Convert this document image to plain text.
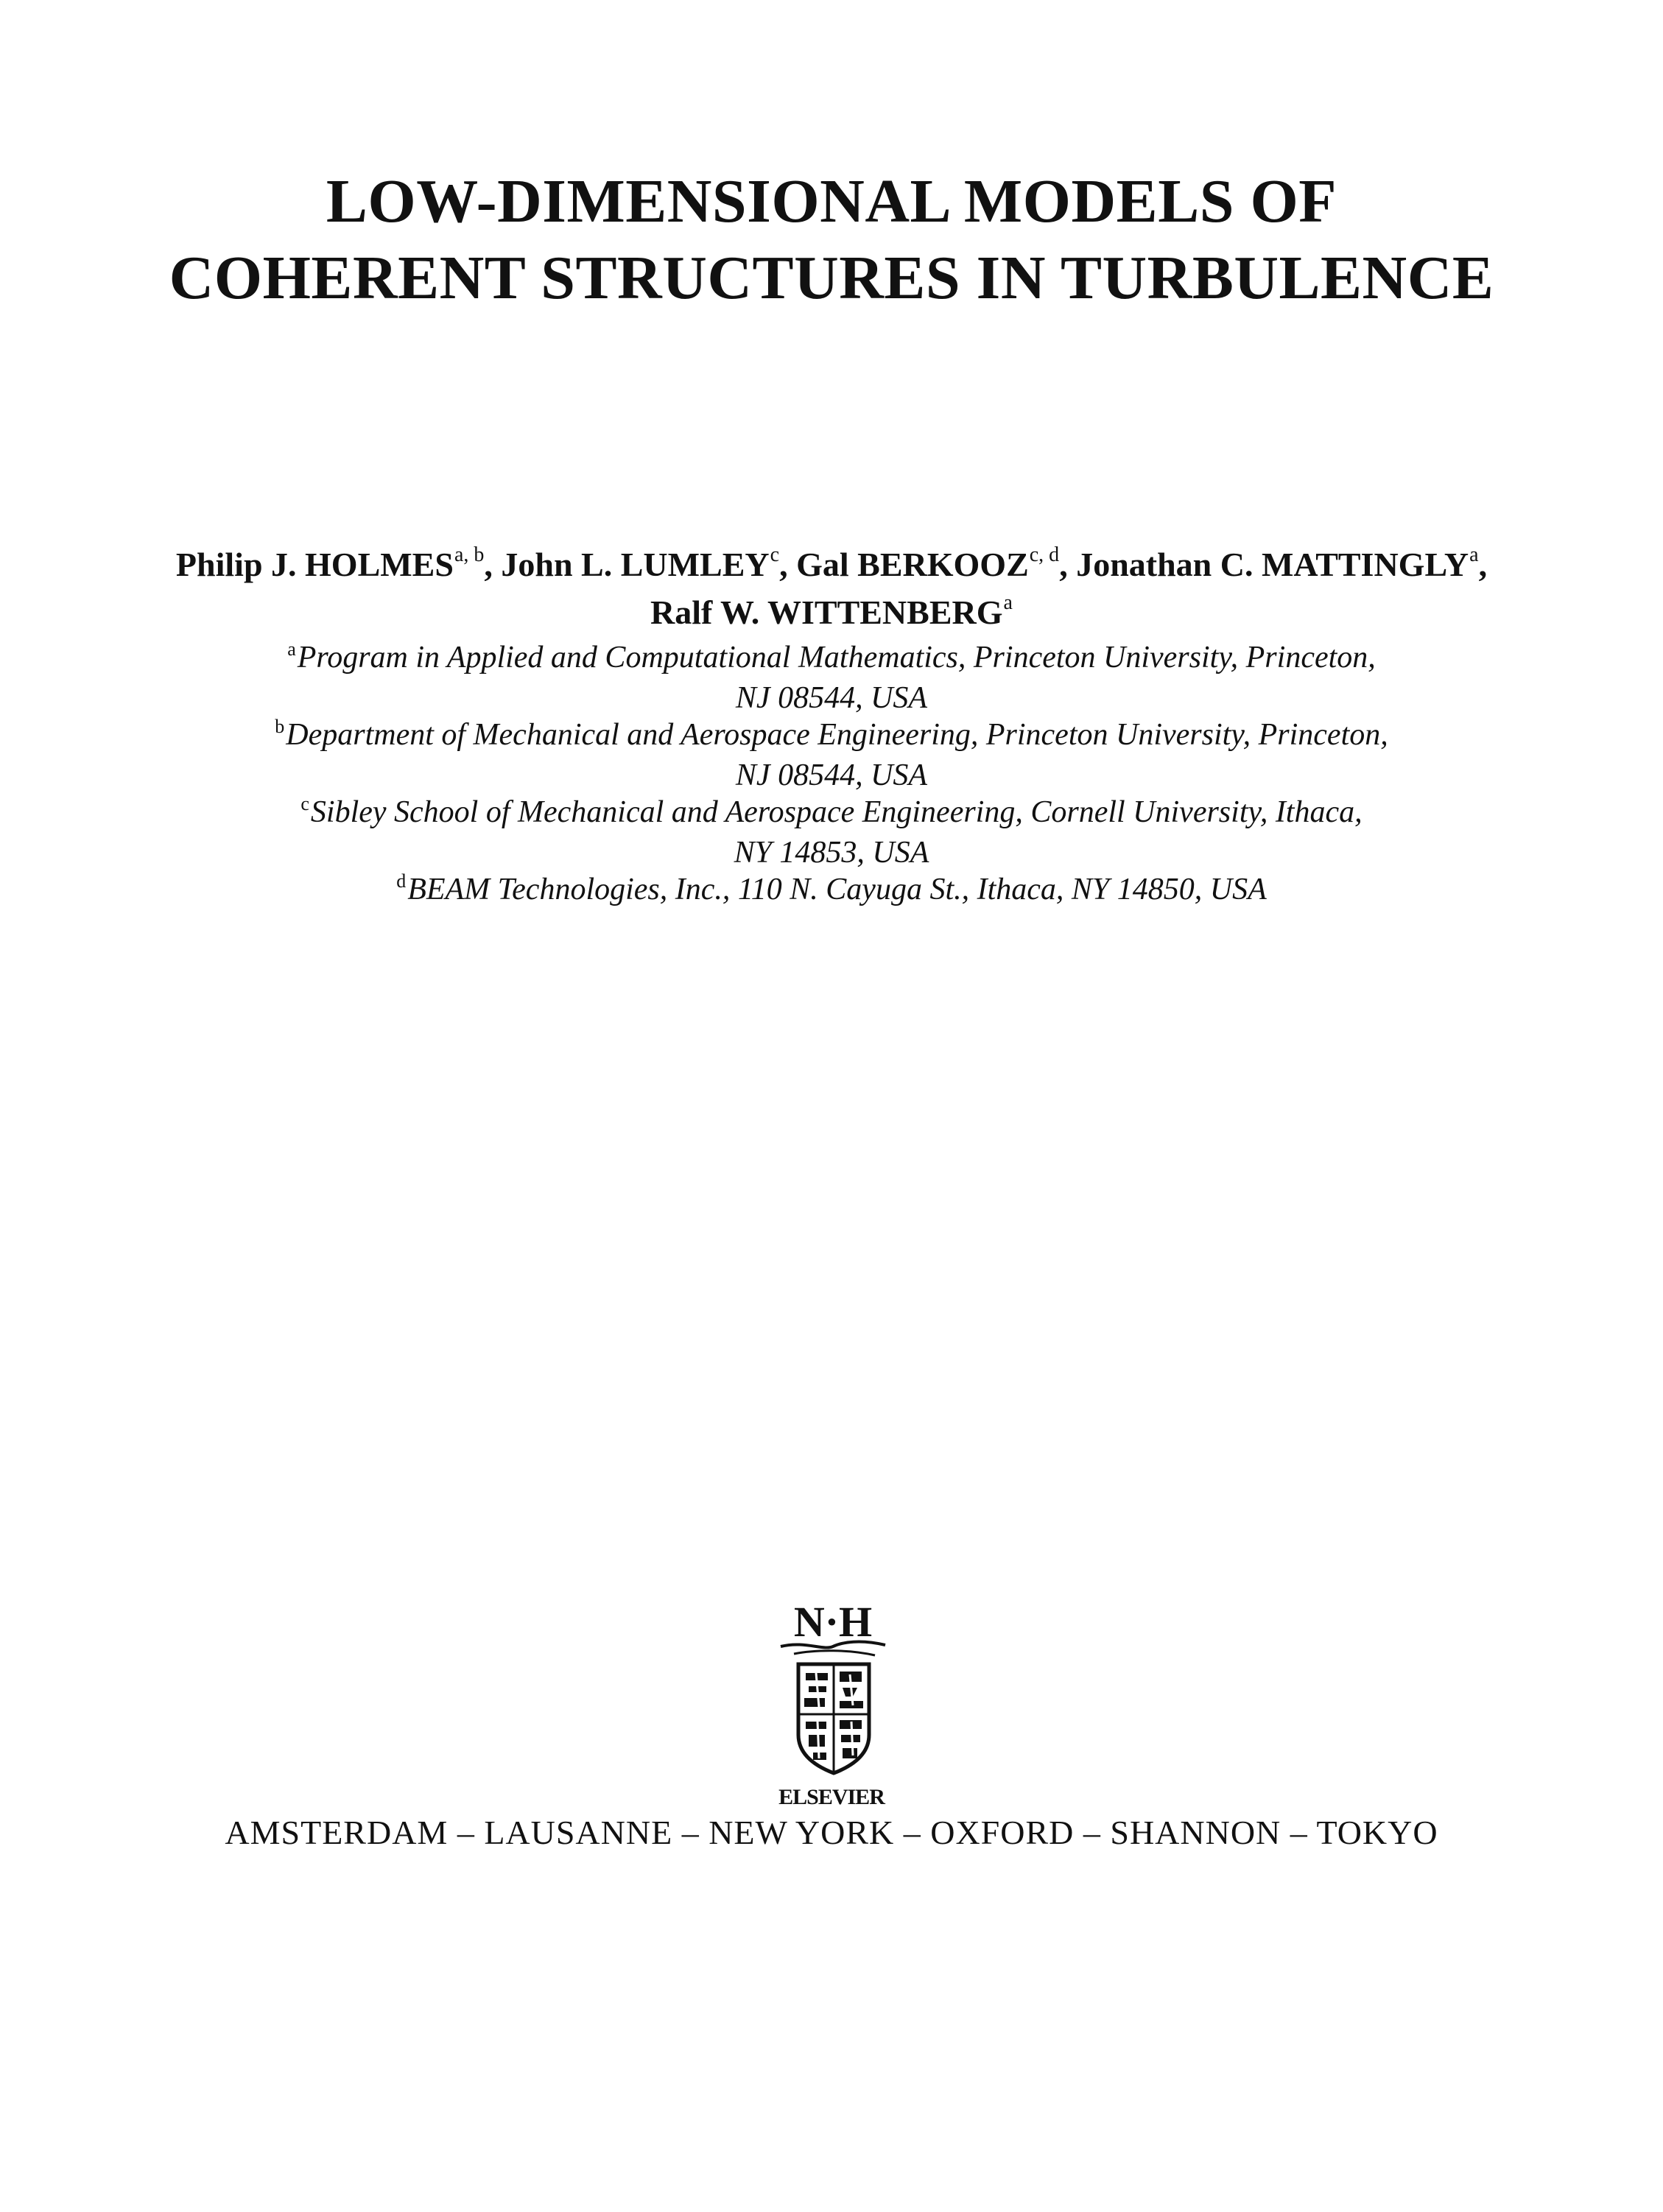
LOW-DIMENSIONAL MODELS OF
COHERENT STRUCTURES IN TURBULENCE
Philip J. HOLMES$^{a, b}$, John L. LUMLEY$^c$, Gal BERKOOZ$^{c, d}$, Jonathan C. MATTINGLY$^a$,
Ralf W. WITTENBERG$^a$
$^a$Program in Applied and Computational Mathematics, Princeton University, Princeton,
NJ 08544, USA
$^b$Department of Mechanical and Aerospace Engineering, Princeton University, Princeton,
NJ 08544, USA
$^c$Sibley School of Mechanical and Aerospace Engineering, Cornell University, Ithaca,
NY 14853, USA
$^d$BEAM Technologies, Inc., 110 N. Cayuga St., Ithaca, NY 14850, USA
N·H
ELSEVIER
AMSTERDAM – LAUSANNE – NEW YORK – OXFORD – SHANNON – TOKYO
